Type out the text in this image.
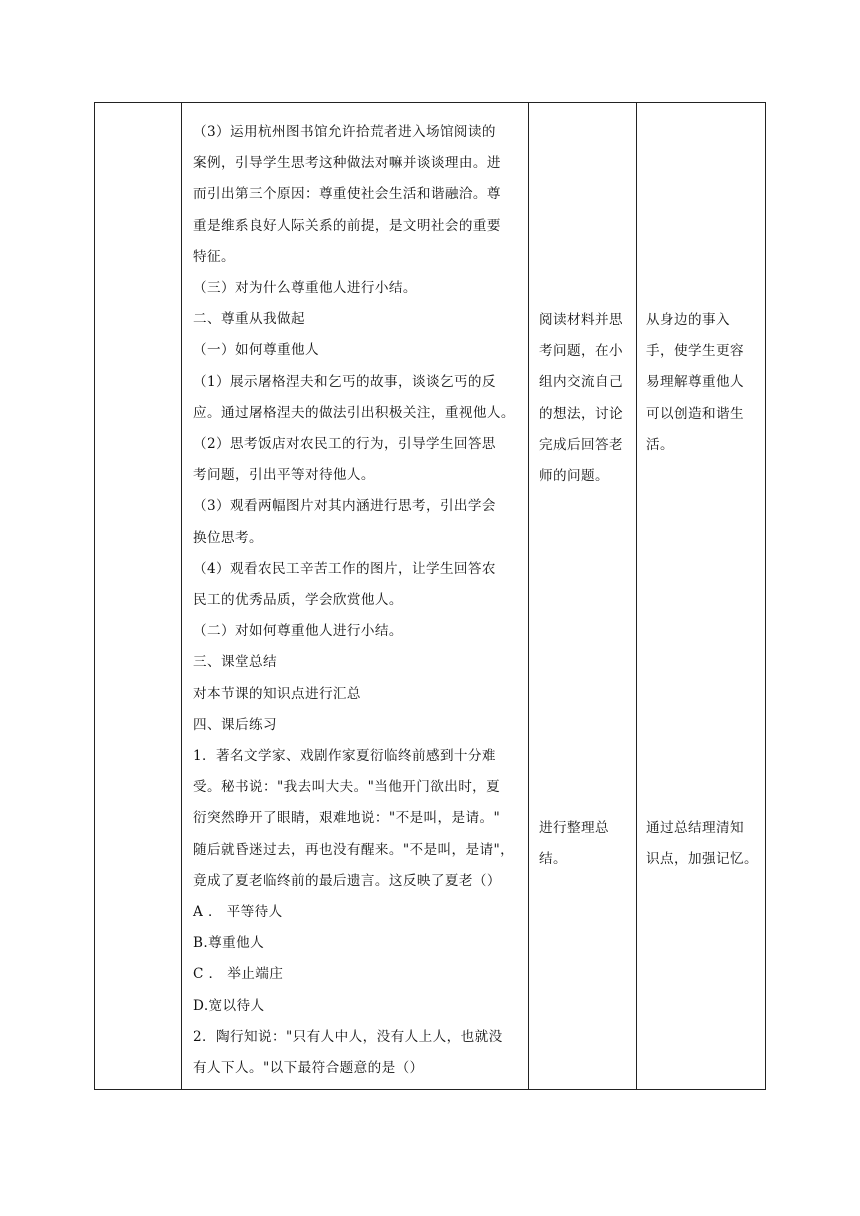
（3）运用杭州图书馆允许拾荒者进入场馆阅读的
案例，引导学生思考这种做法对嘛并谈谈理由。进
而引出第三个原因：尊重使社会生活和谐融洽。尊
重是维系良好人际关系的前提，是文明社会的重要
特征。
（三）对为什么尊重他人进行小结。
二、尊重从我做起
（一）如何尊重他人
（1）展示屠格涅夫和乞丐的故事，谈谈乞丐的反
应。通过屠格涅夫的做法引出积极关注，重视他人。
（2）思考饭店对农民工的行为，引导学生回答思
考问题，引出平等对待他人。
（3）观看两幅图片对其内涵进行思考，引出学会
换位思考。
（4）观看农民工辛苦工作的图片，让学生回答农
民工的优秀品质，学会欣赏他人。
（二）对如何尊重他人进行小结。
三、课堂总结
对本节课的知识点进行汇总
四、课后练习
1．著名文学家、戏剧作家夏衍临终前感到十分难
受。秘书说："我去叫大夫。"当他开门欲出时，夏
衍突然睁开了眼睛，艰难地说："不是叫，是请。"
随后就昏迷过去，再也没有醒来。"不是叫，是请"，
竟成了夏老临终前的最后遗言。这反映了夏老（）
A ． 平等待人
B.尊重他人
C ． 举止端庄
D.宽以待人
2．陶行知说："只有人中人，没有人上人，也就没
有人下人。"以下最符合题意的是（）
阅读材料并思
考问题，在小
组内交流自己
的想法，讨论
完成后回答老
师的问题。
进行整理总
结。
从身边的事入
手，使学生更容
易理解尊重他人
可以创造和谐生
活。
通过总结理清知
识点，加强记忆。
